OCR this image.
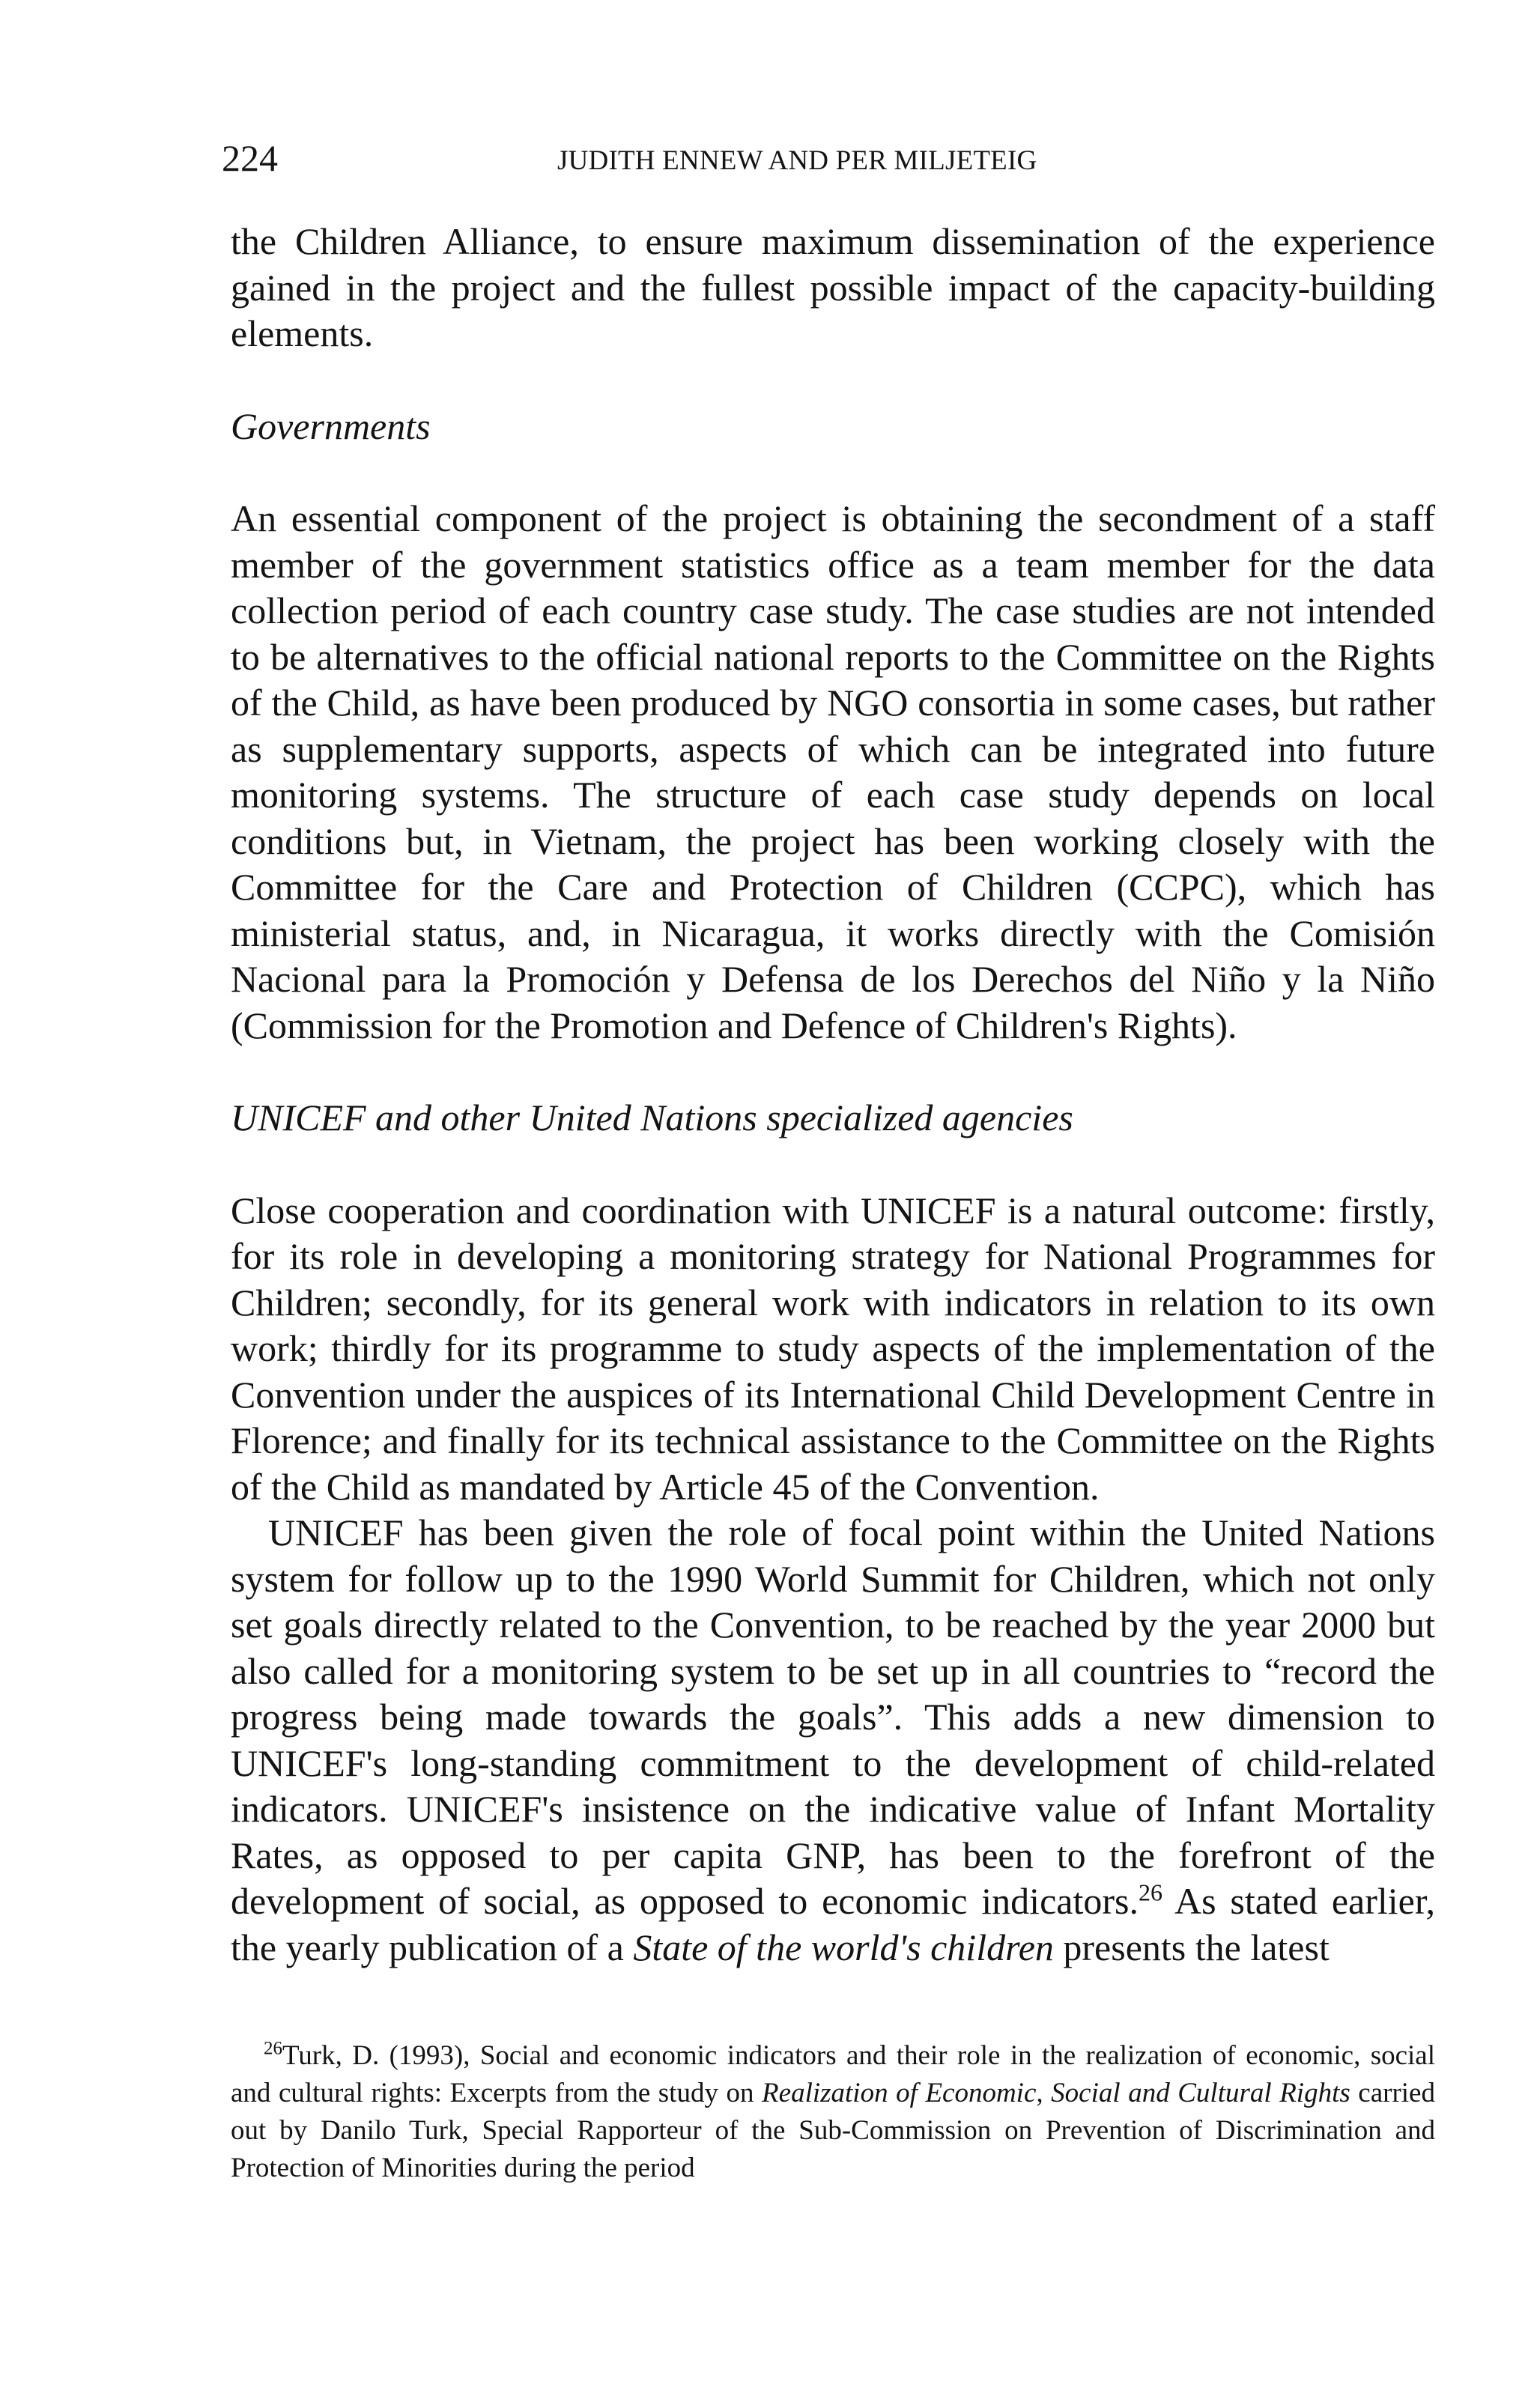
224	JUDITH ENNEW AND PER MILJETEIG

the Children Alliance, to ensure maximum dissemination of the experience gained in the project and the fullest possible impact of the capacity-building elements.

Governments

An essential component of the project is obtaining the secondment of a staff member of the government statistics office as a team member for the data collection period of each country case study. The case studies are not intended to be alternatives to the official national reports to the Committee on the Rights of the Child, as have been produced by NGO consortia in some cases, but rather as supplementary supports, aspects of which can be integrated into future monitoring systems. The structure of each case study depends on local conditions but, in Vietnam, the project has been working closely with the Committee for the Care and Protection of Children (CCPC), which has ministerial status, and, in Nicaragua, it works directly with the Comisión Nacional para la Promoción y Defensa de los Derechos del Niño y la Niño (Commission for the Promotion and Defence of Children's Rights).

UNICEF and other United Nations specialized agencies

Close cooperation and coordination with UNICEF is a natural outcome: firstly, for its role in developing a monitoring strategy for National Programmes for Children; secondly, for its general work with indicators in relation to its own work; thirdly for its programme to study aspects of the implementation of the Convention under the auspices of its International Child Development Centre in Florence; and finally for its technical assistance to the Committee on the Rights of the Child as mandated by Article 45 of the Convention.

UNICEF has been given the role of focal point within the United Nations system for follow up to the 1990 World Summit for Children, which not only set goals directly related to the Convention, to be reached by the year 2000 but also called for a monitoring system to be set up in all countries to “record the progress being made towards the goals”. This adds a new dimension to UNICEF's long-standing commitment to the development of child-related indicators. UNICEF's insistence on the indicative value of Infant Mortality Rates, as opposed to per capita GNP, has been to the forefront of the development of social, as opposed to economic indicators.$^{26}$ As stated earlier, the yearly publication of a State of the world's children presents the latest

$^{26}$Turk, D. (1993), Social and economic indicators and their role in the realization of economic, social and cultural rights: Excerpts from the study on Realization of Economic, Social and Cultural Rights carried out by Danilo Turk, Special Rapporteur of the Sub-Commission on Prevention of Discrimination and Protection of Minorities during the period
